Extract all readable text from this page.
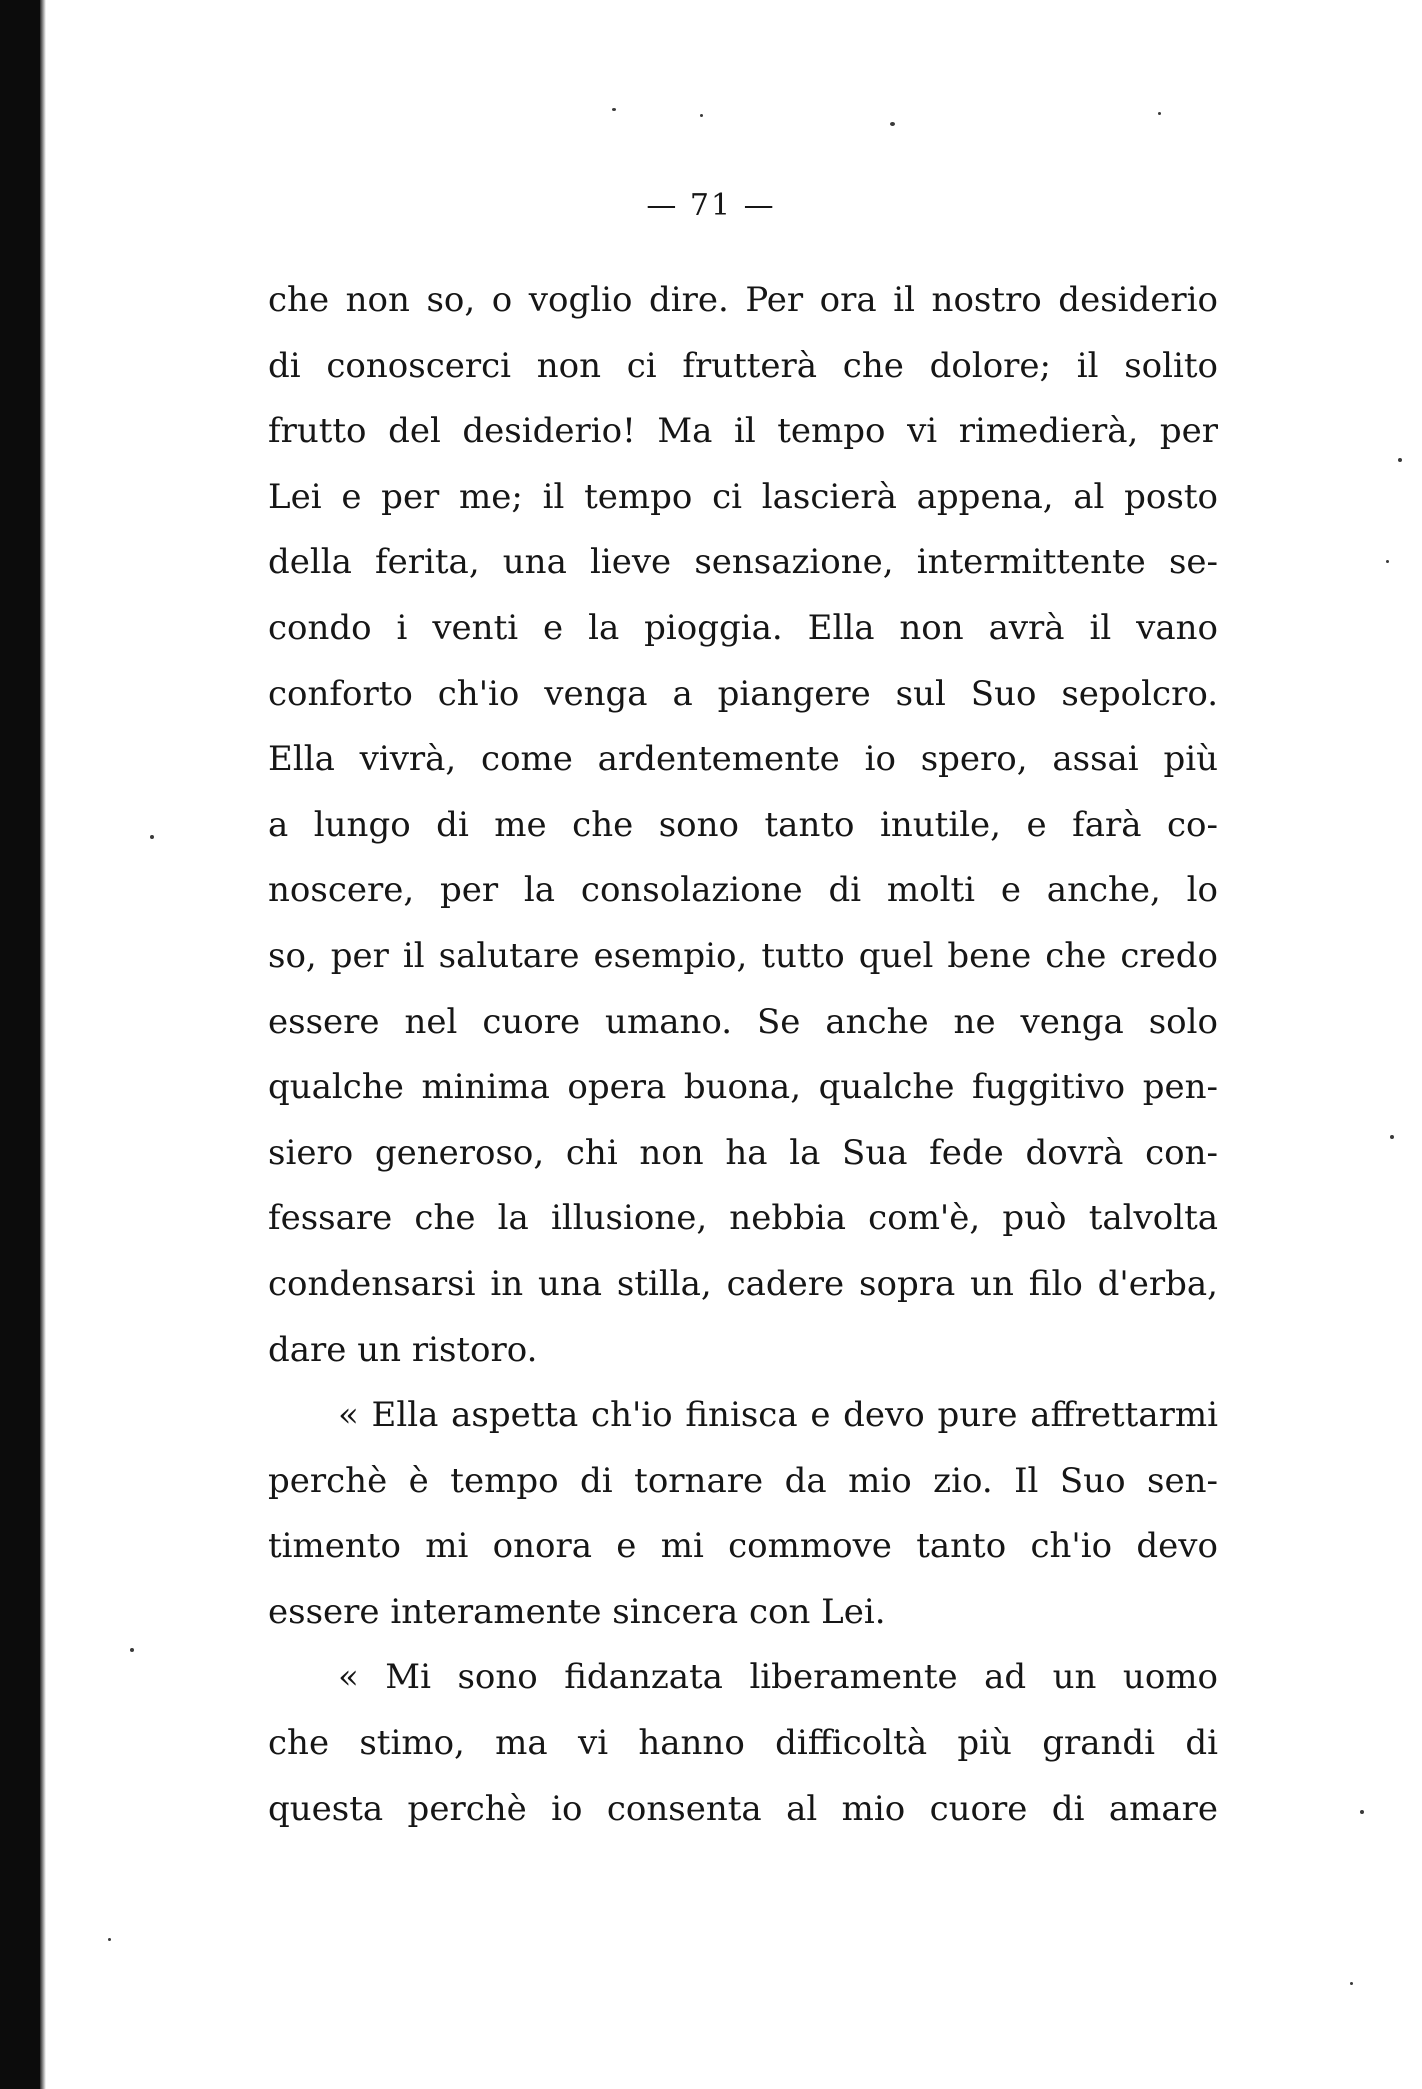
— 71 —
che non so, o voglio dire. Per ora il nostro desiderio
di conoscerci non ci frutterà che dolore; il solito
frutto del desiderio! Ma il tempo vi rimedierà, per
Lei e per me; il tempo ci lascierà appena, al posto
della ferita, una lieve sensazione, intermittente se-
condo i venti e la pioggia. Ella non avrà il vano
conforto ch'io venga a piangere sul Suo sepolcro.
Ella vivrà, come ardentemente io spero, assai più
a lungo di me che sono tanto inutile, e farà co-
noscere, per la consolazione di molti e anche, lo
so, per il salutare esempio, tutto quel bene che credo
essere nel cuore umano. Se anche ne venga solo
qualche minima opera buona, qualche fuggitivo pen-
siero generoso, chi non ha la Sua fede dovrà con-
fessare che la illusione, nebbia com'è, può talvolta
condensarsi in una stilla, cadere sopra un filo d'erba,
dare un ristoro.
« Ella aspetta ch'io finisca e devo pure affrettarmi
perchè è tempo di tornare da mio zio. Il Suo sen-
timento mi onora e mi commove tanto ch'io devo
essere interamente sincera con Lei.
« Mi sono fidanzata liberamente ad un uomo
che stimo, ma vi hanno difficoltà più grandi di
questa perchè io consenta al mio cuore di amare
